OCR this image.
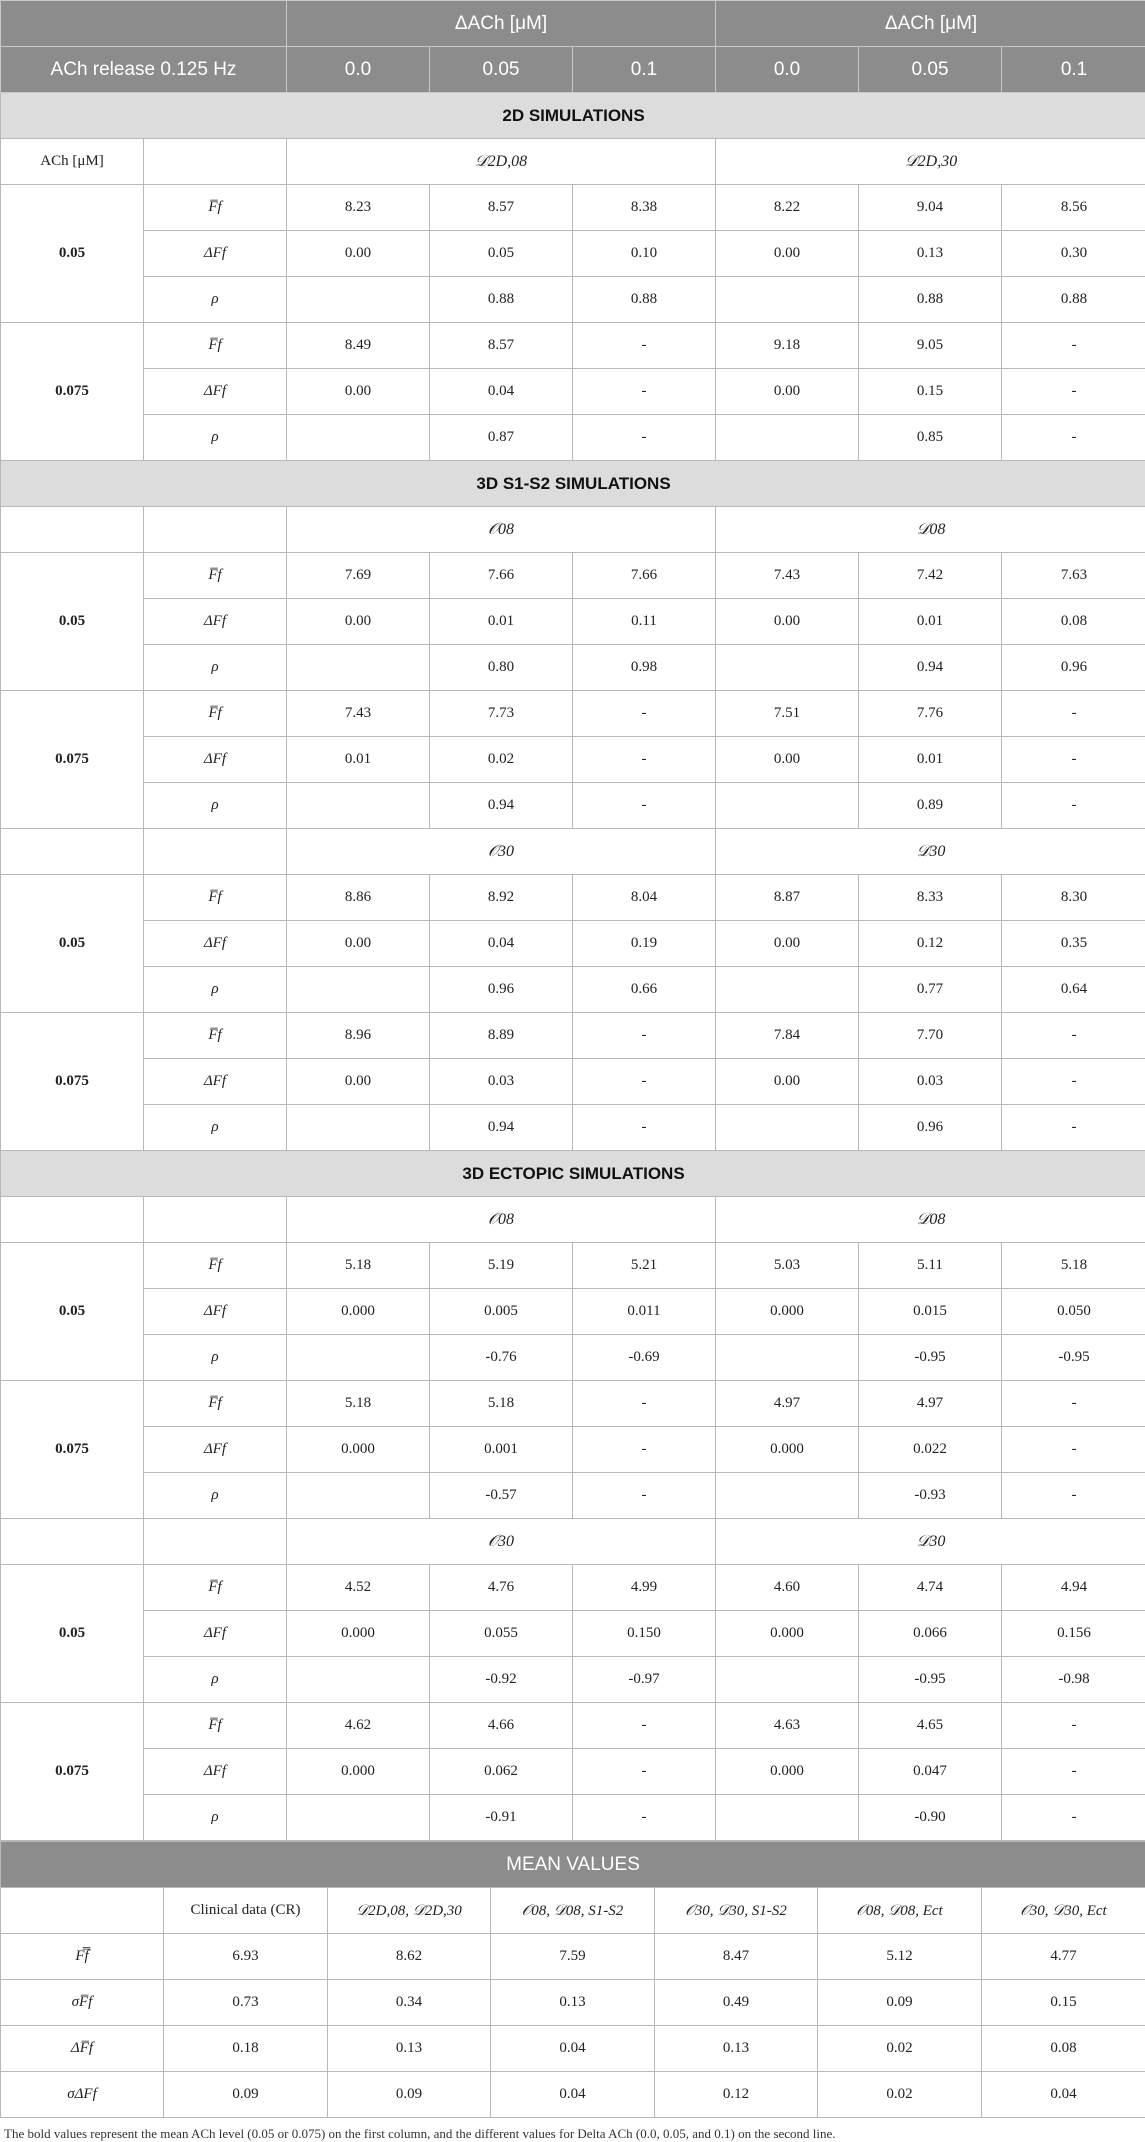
		ΔACh [μM]			ΔACh [μM]		
ACh release 0.125 Hz		0.0	0.05	0.1	0.0	0.05	0.1
2D SIMULATIONS							
ACh [μM]		𝒟2D,08			𝒟2D,30		
0.05	F̅f	8.23	8.57	8.38	8.22	9.04	8.56
	ΔFf	0.00	0.05	0.10	0.00	0.13	0.30
	ρ		0.88	0.88		0.88	0.88
0.075	F̅f	8.49	8.57	-	9.18	9.05	-
	ΔFf	0.00	0.04	-	0.00	0.15	-
	ρ		0.87	-		0.85	-
3D S1-S2 SIMULATIONS							
		𝒪08			𝒟08		
0.05	F̅f	7.69	7.66	7.66	7.43	7.42	7.63
	ΔFf	0.00	0.01	0.11	0.00	0.01	0.08
	ρ		0.80	0.98		0.94	0.96
0.075	F̅f	7.43	7.73	-	7.51	7.76	-
	ΔFf	0.01	0.02	-	0.00	0.01	-
	ρ		0.94	-		0.89	-
		𝒪30			𝒟30		
0.05	F̅f	8.86	8.92	8.04	8.87	8.33	8.30
	ΔFf	0.00	0.04	0.19	0.00	0.12	0.35
	ρ		0.96	0.66		0.77	0.64
0.075	F̅f	8.96	8.89	-	7.84	7.70	-
	ΔFf	0.00	0.03	-	0.00	0.03	-
	ρ		0.94	-		0.96	-
3D ECTOPIC SIMULATIONS							
		𝒪08			𝒟08		
0.05	F̅f	5.18	5.19	5.21	5.03	5.11	5.18
	ΔFf	0.000	0.005	0.011	0.000	0.015	0.050
	ρ		-0.76	-0.69		-0.95	-0.95
0.075	F̅f	5.18	5.18	-	4.97	4.97	-
	ΔFf	0.000	0.001	-	0.000	0.022	-
	ρ		-0.57	-		-0.93	-
		𝒪30			𝒟30		
0.05	F̅f	4.52	4.76	4.99	4.60	4.74	4.94
	ΔFf	0.000	0.055	0.150	0.000	0.066	0.156
	ρ		-0.92	-0.97		-0.95	-0.98
0.075	F̅f	4.62	4.66	-	4.63	4.65	-
	ΔFf	0.000	0.062	-	0.000	0.047	-
	ρ		-0.91	-		-0.90	-
MEAN VALUES						
	Clinical data (CR)	𝒟2D,08, 𝒟2D,30	𝒪08, 𝒟08, S1-S2	𝒪30, 𝒟30, S1-S2	𝒪08, 𝒟08, Ect	𝒪30, 𝒟30, Ect
F̿f	6.93	8.62	7.59	8.47	5.12	4.77
σF̅f	0.73	0.34	0.13	0.49	0.09	0.15
ΔF̅f	0.18	0.13	0.04	0.13	0.02	0.08
σΔFf	0.09	0.09	0.04	0.12	0.02	0.04
The bold values represent the mean ACh level (0.05 or 0.075) on the first column, and the different values for Delta ACh (0.0, 0.05, and 0.1) on the second line.
